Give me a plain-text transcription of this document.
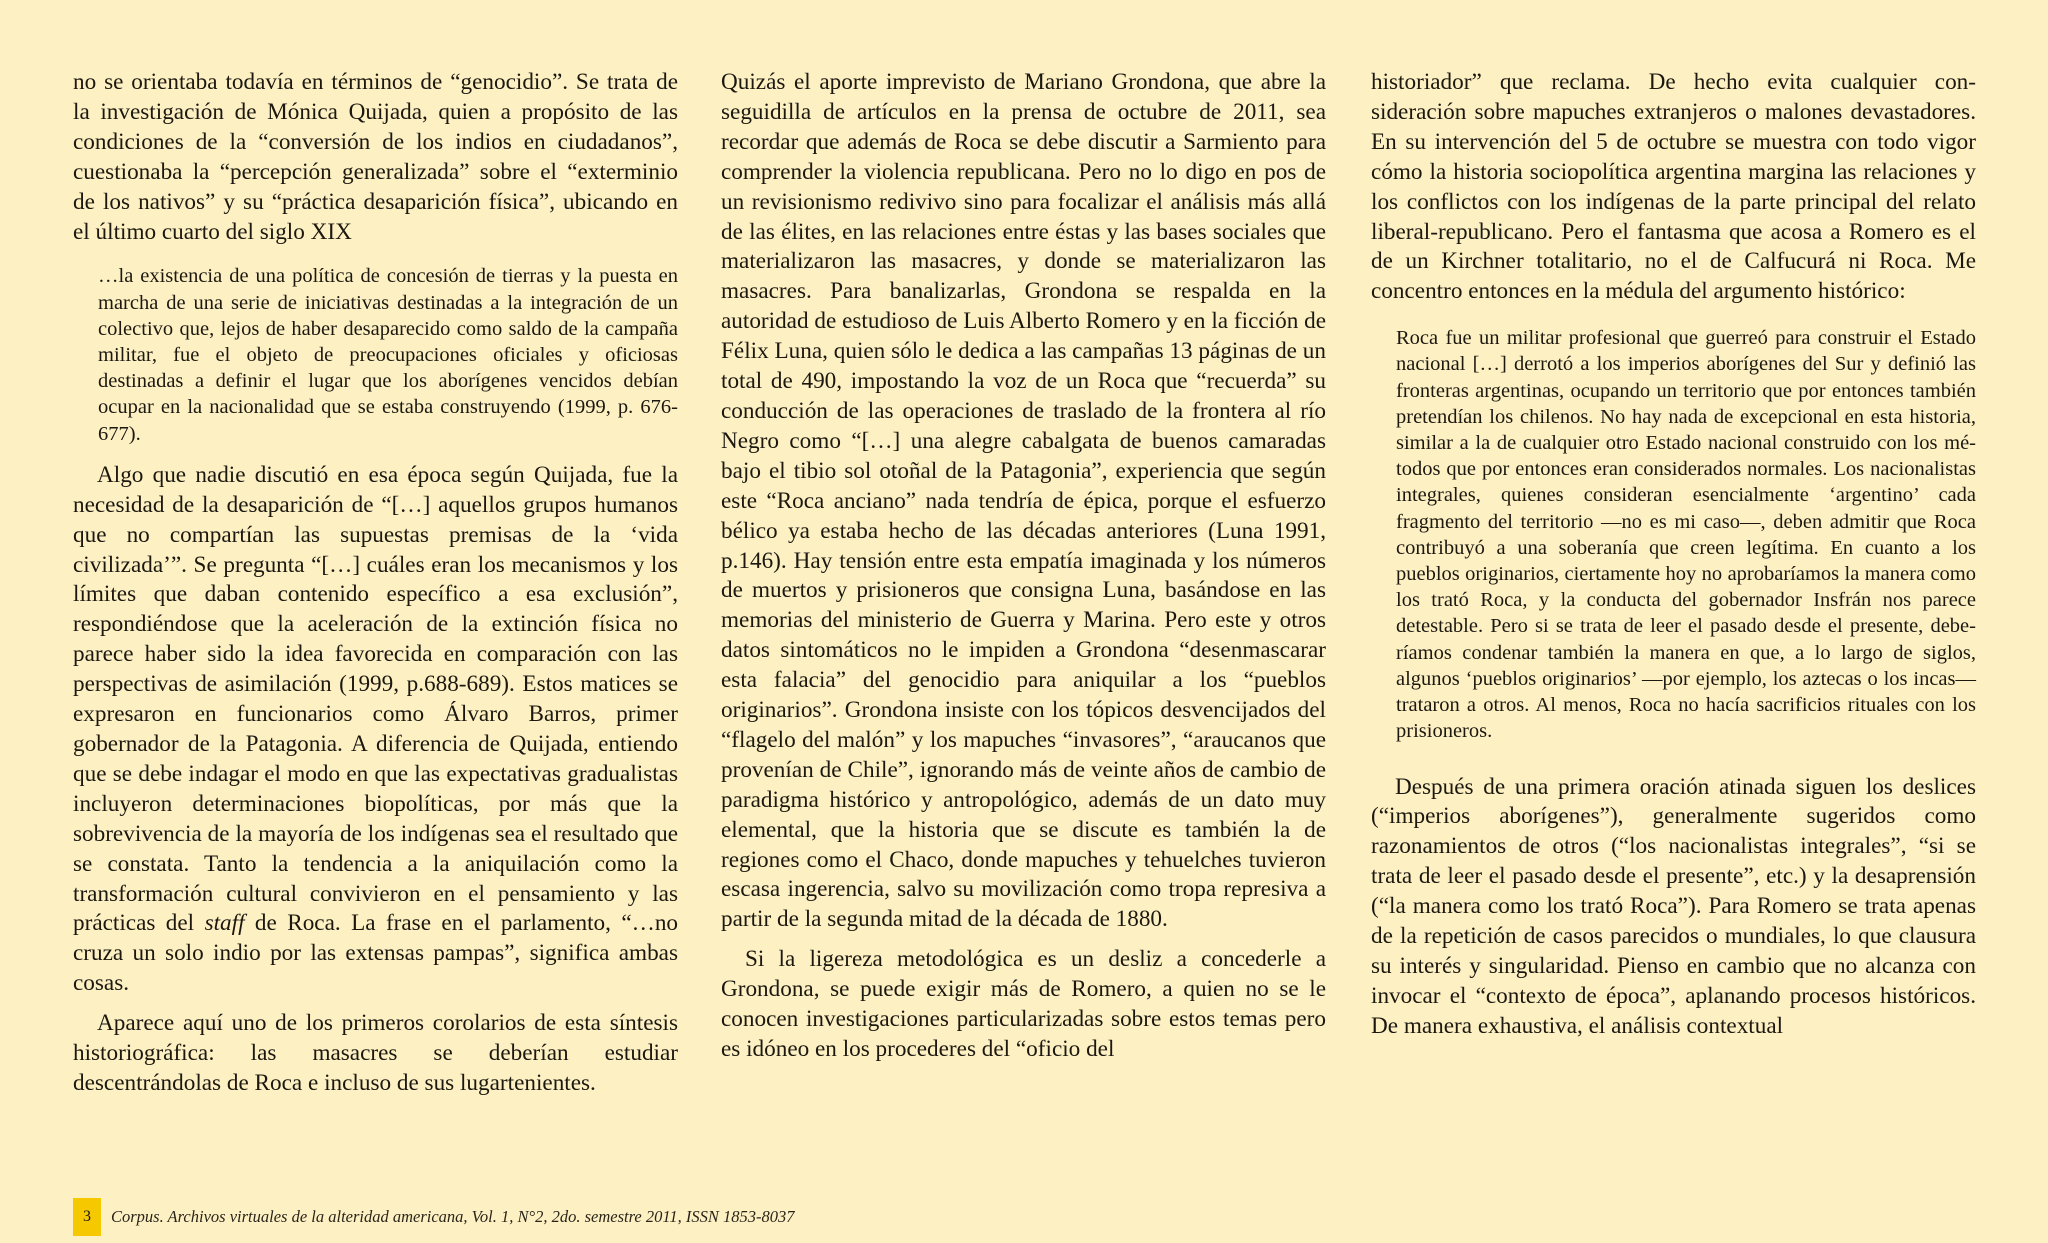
no se orientaba todavía en términos de “genocidio”. Se trata de la investigación de Mónica Quijada, quien a propósito de las condiciones de la “conversión de los indios en ciudadanos”, cuestionaba la “percepción generalizada” sobre el “exterminio de los nativos” y su “práctica desaparición física”, ubicando en el último cuarto del siglo XIX

…la existencia de una política de concesión de tierras y la puesta en marcha de una serie de iniciativas destinadas a la integración de un colectivo que, lejos de haber desaparecido como saldo de la campaña militar, fue el objeto de preocupaciones oficiales y oficiosas destinadas a definir el lugar que los aborígenes vencidos debían ocupar en la nacionalidad que se estaba construyendo (1999, p. 676-677).

Algo que nadie discutió en esa época según Quijada, fue la necesidad de la desaparición de “[…] aquellos grupos humanos que no compartían las supuestas premisas de la ‘vida civilizada’”. Se pregunta “[…] cuáles eran los mecanismos y los límites que daban contenido específico a esa exclusión”, respondiéndose que la aceleración de la extinción física no parece haber sido la idea favorecida en comparación con las perspectivas de asimilación (1999, p.688-689). Estos matices se expresaron en funcionarios como Álvaro Barros, primer gobernador de la Patagonia. A diferencia de Quijada, entiendo que se debe indagar el modo en que las expectativas gradualistas incluyeron determinaciones biopolíticas, por más que la sobrevivencia de la mayoría de los indígenas sea el resultado que se constata. Tanto la tendencia a la aniquilación como la transformación cultural convivieron en el pensamiento y las prácticas del staff de Roca. La frase en el parlamento, “…no cruza un solo indio por las extensas pampas”, significa ambas cosas.

Aparece aquí uno de los primeros corolarios de esta síntesis historiográfica: las masacres se deberían estudiar descentrándolas de Roca e incluso de sus lugartenientes.

Quizás el aporte imprevisto de Mariano Grondona, que abre la seguidilla de artículos en la prensa de octubre de 2011, sea recordar que además de Roca se debe discutir a Sarmiento para comprender la violencia republicana. Pero no lo digo en pos de un revisionismo redivivo sino para focalizar el análisis más allá de las élites, en las relaciones entre éstas y las bases sociales que materializaron las masacres, y donde se materializaron las masacres. Para banalizarlas, Grondona se respalda en la autoridad de estudioso de Luis Alberto Romero y en la ficción de Félix Luna, quien sólo le dedica a las campañas 13 páginas de un total de 490, impostando la voz de un Roca que “recuerda” su conducción de las operaciones de traslado de la frontera al río Negro como “[…] una alegre cabalgata de buenos camaradas bajo el tibio sol otoñal de la Patagonia”, experiencia que según este “Roca anciano” nada tendría de épica, porque el esfuerzo bélico ya estaba hecho de las décadas anteriores (Luna 1991, p.146). Hay tensión entre esta empatía imaginada y los números de muertos y prisioneros que consigna Luna, basándose en las memorias del ministerio de Guerra y Marina. Pero este y otros datos sintomáticos no le impiden a Grondona “desenmascarar esta falacia” del genocidio para aniquilar a los “pueblos originarios”. Grondona insiste con los tópicos desvencijados del “flagelo del malón” y los mapuches “invasores”, “araucanos que provenían de Chile”, ignorando más de veinte años de cambio de paradigma histórico y antropológico, además de un dato muy elemental, que la historia que se discute es también la de regiones como el Chaco, donde mapuches y tehuelches tuvieron escasa ingerencia, salvo su movilización como tropa represiva a partir de la segunda mitad de la década de 1880.

Si la ligereza metodológica es un desliz a concederle a Grondona, se puede exigir más de Romero, a quien no se le conocen investigaciones particularizadas sobre estos temas pero es idóneo en los procederes del “oficio del

historiador” que reclama. De hecho evita cualquier consideración sobre mapuches extranjeros o malones devastadores. En su intervención del 5 de octubre se muestra con todo vigor cómo la historia sociopolítica argentina margina las relaciones y los conflictos con los indígenas de la parte principal del relato liberal-republicano. Pero el fantasma que acosa a Romero es el de un Kirchner totalitario, no el de Calfucurá ni Roca. Me concentro entonces en la médula del argumento histórico:

Roca fue un militar profesional que guerreó para construir el Estado nacional […] derrotó a los imperios aborígenes del Sur y definió las fronteras argentinas, ocupando un territorio que por entonces también pretendían los chilenos. No hay nada de excepcional en esta historia, similar a la de cualquier otro Estado nacional construido con los métodos que por entonces eran considerados normales. Los nacionalistas integrales, quienes consideran esencialmente ‘argentino’ cada fragmento del territorio —no es mi caso—, deben admitir que Roca contribuyó a una soberanía que creen legítima. En cuanto a los pueblos originarios, ciertamente hoy no aprobaríamos la manera como los trató Roca, y la conducta del gobernador Insfrán nos parece detestable. Pero si se trata de leer el pasado desde el presente, deberíamos condenar también la manera en que, a lo largo de siglos, algunos ‘pueblos originarios’ —por ejemplo, los aztecas o los incas— trataron a otros. Al menos, Roca no hacía sacrificios rituales con los prisioneros.

Después de una primera oración atinada siguen los deslices (“imperios aborígenes”), generalmente sugeridos como razonamientos de otros (“los nacionalistas integrales”, “si se trata de leer el pasado desde el presente”, etc.) y la desaprensión (“la manera como los trató Roca”). Para Romero se trata apenas de la repetición de casos parecidos o mundiales, lo que clausura su interés y singularidad. Pienso en cambio que no alcanza con invocar el “contexto de época”, aplanando procesos históricos. De manera exhaustiva, el análisis contextual

3	Corpus. Archivos virtuales de la alteridad americana, Vol. 1, N°2, 2do. semestre 2011, ISSN 1853-8037
